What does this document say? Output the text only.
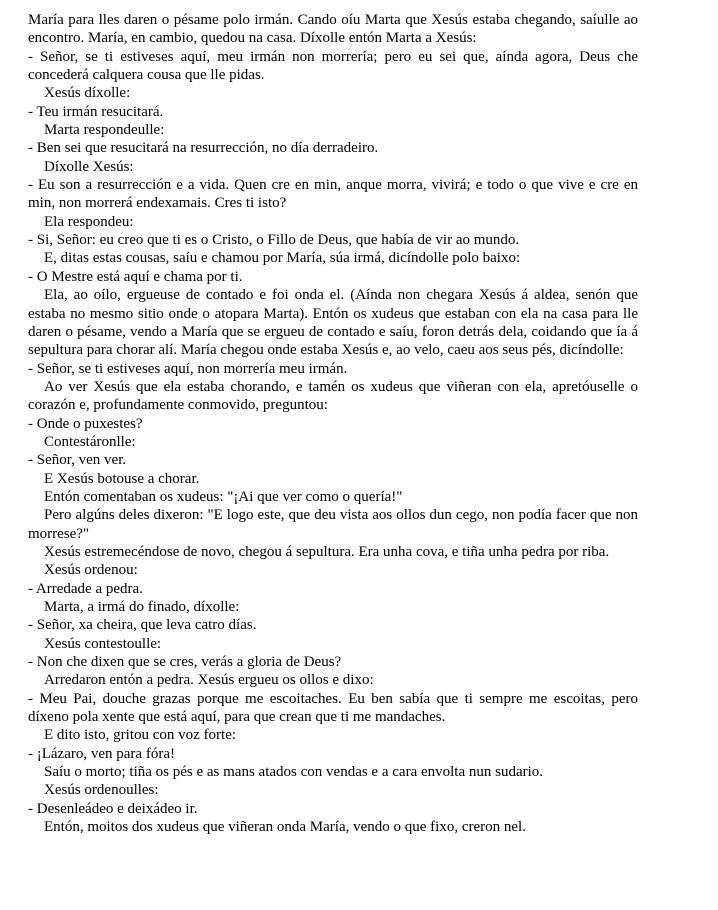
María para lles daren o pésame polo irmán. Cando oíu Marta que Xesús estaba chegando, saíulle ao encontro. María, en cambio, quedou na casa. Díxolle entón Marta a Xesús:

- Señor, se ti estiveses aquí, meu irmán non morrería; pero eu sei que, aínda agora, Deus che concederá calquera cousa que lle pidas.

Xesús díxolle:

- Teu irmán resucitará.

Marta respondeulle:

- Ben sei que resucitará na resurrección, no día derradeiro.

Díxolle Xesús:

- Eu son a resurrección e a vida. Quen cre en min, anque morra, vivirá; e todo o que vive e cre en min, non morrerá endexamais. Cres ti isto?

Ela respondeu:

- Si, Señor: eu creo que ti es o Cristo, o Fillo de Deus, que había de vir ao mundo.

E, ditas estas cousas, saíu e chamou por María, súa irmá, dicíndolle polo baixo:

- O Mestre está aquí e chama por ti.

Ela, ao oílo, ergueuse de contado e foi onda el. (Aínda non chegara Xesús á aldea, senón que estaba no mesmo sitio onde o atopara Marta). Entón os xudeus que estaban con ela na casa para lle daren o pésame, vendo a María que se ergueu de contado e saíu, foron detrás dela, coidando que ía á sepultura para chorar alí. María chegou onde estaba Xesús e, ao velo, caeu aos seus pés, dicíndolle:

- Señor, se ti estiveses aquí, non morrería meu irmán.

Ao ver Xesús que ela estaba chorando, e tamén os xudeus que viñeran con ela, apretóuselle o corazón e, profundamente conmovido, preguntou:

- Onde o puxestes?

Contestáronlle:

- Señor, ven ver.

E Xesús botouse a chorar.

Entón comentaban os xudeus: "¡Ai que ver como o quería!"

Pero algúns deles dixeron: "E logo este, que deu vista aos ollos dun cego, non podía facer que non morrese?"

Xesús estremecéndose de novo, chegou á sepultura. Era unha cova, e tiña unha pedra por riba.

Xesús ordenou:

- Arredade a pedra.

Marta, a irmá do finado, díxolle:

- Señor, xa cheira, que leva catro días.

Xesús contestoulle:

- Non che dixen que se cres, verás a gloria de Deus?

Arredaron entón a pedra. Xesús ergueu os ollos e dixo:

- Meu Pai, douche grazas porque me escoitaches. Eu ben sabía que ti sempre me escoitas, pero díxeno pola xente que está aquí, para que crean que ti me mandaches.

E dito isto, gritou con voz forte:

- ¡Lázaro, ven para fóra!

Saíu o morto; tiña os pés e as mans atados con vendas e a cara envolta nun sudario.

Xesús ordenoulles:

- Desenleádeo e deixádeo ir.

Entón, moitos dos xudeus que viñeran onda María, vendo o que fixo, creron nel.
